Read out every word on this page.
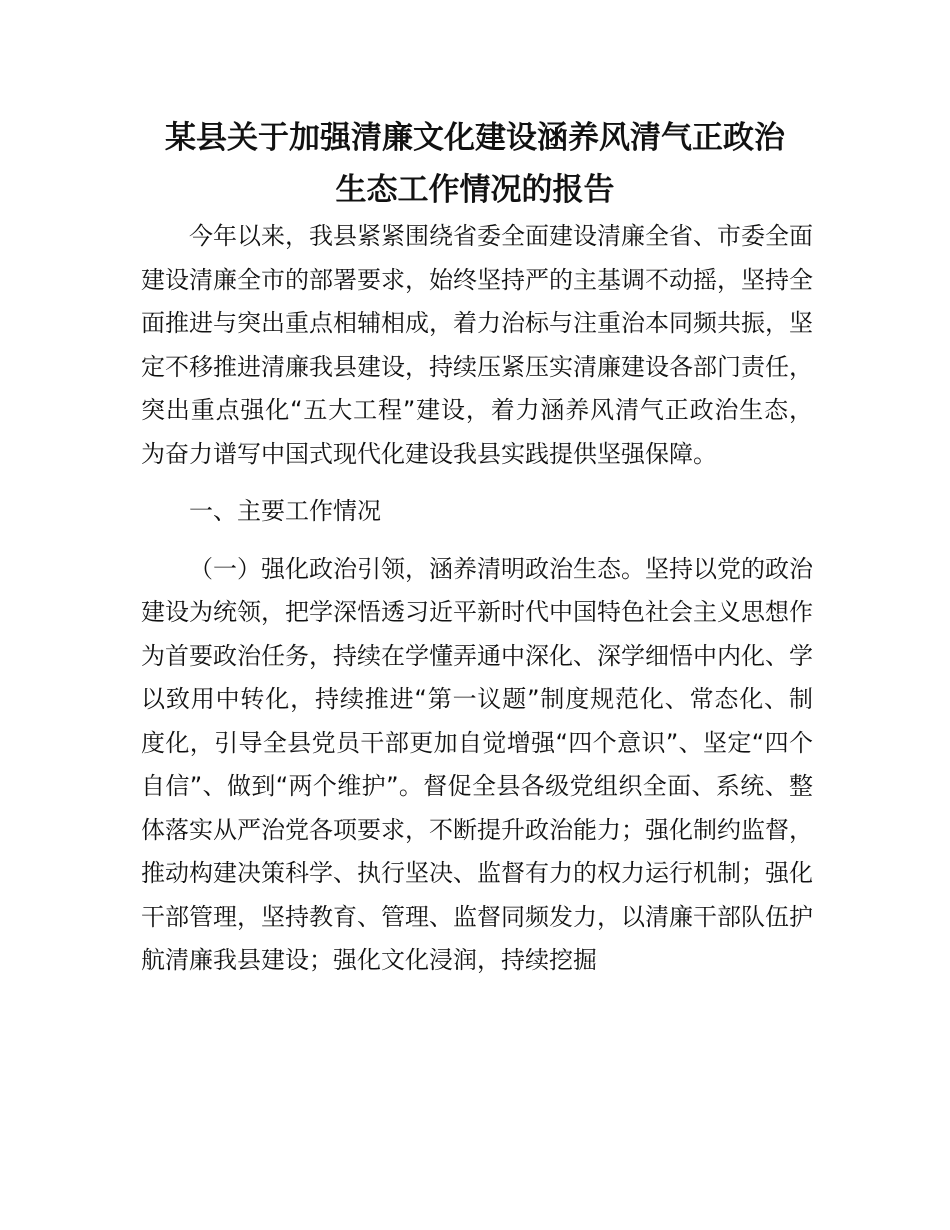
某县关于加强清廉文化建设涵养风清气正政治
生态工作情况的报告

今年以来，我县紧紧围绕省委全面建设清廉全省、市委全面建设清廉全市的部署要求，始终坚持严的主基调不动摇，坚持全面推进与突出重点相辅相成，着力治标与注重治本同频共振，坚定不移推进清廉我县建设，持续压紧压实清廉建设各部门责任，突出重点强化“五大工程”建设，着力涵养风清气正政治生态，为奋力谱写中国式现代化建设我县实践提供坚强保障。

一、主要工作情况

（一）强化政治引领，涵养清明政治生态。坚持以党的政治建设为统领，把学深悟透习近平新时代中国特色社会主义思想作为首要政治任务，持续在学懂弄通中深化、深学细悟中内化、学以致用中转化，持续推进“第一议题”制度规范化、常态化、制度化，引导全县党员干部更加自觉增强“四个意识”、坚定“四个自信”、做到“两个维护”。督促全县各级党组织全面、系统、整体落实从严治党各项要求，不断提升政治能力；强化制约监督，推动构建决策科学、执行坚决、监督有力的权力运行机制；强化干部管理，坚持教育、管理、监督同频发力，以清廉干部队伍护航清廉我县建设；强化文化浸润，持续挖掘
